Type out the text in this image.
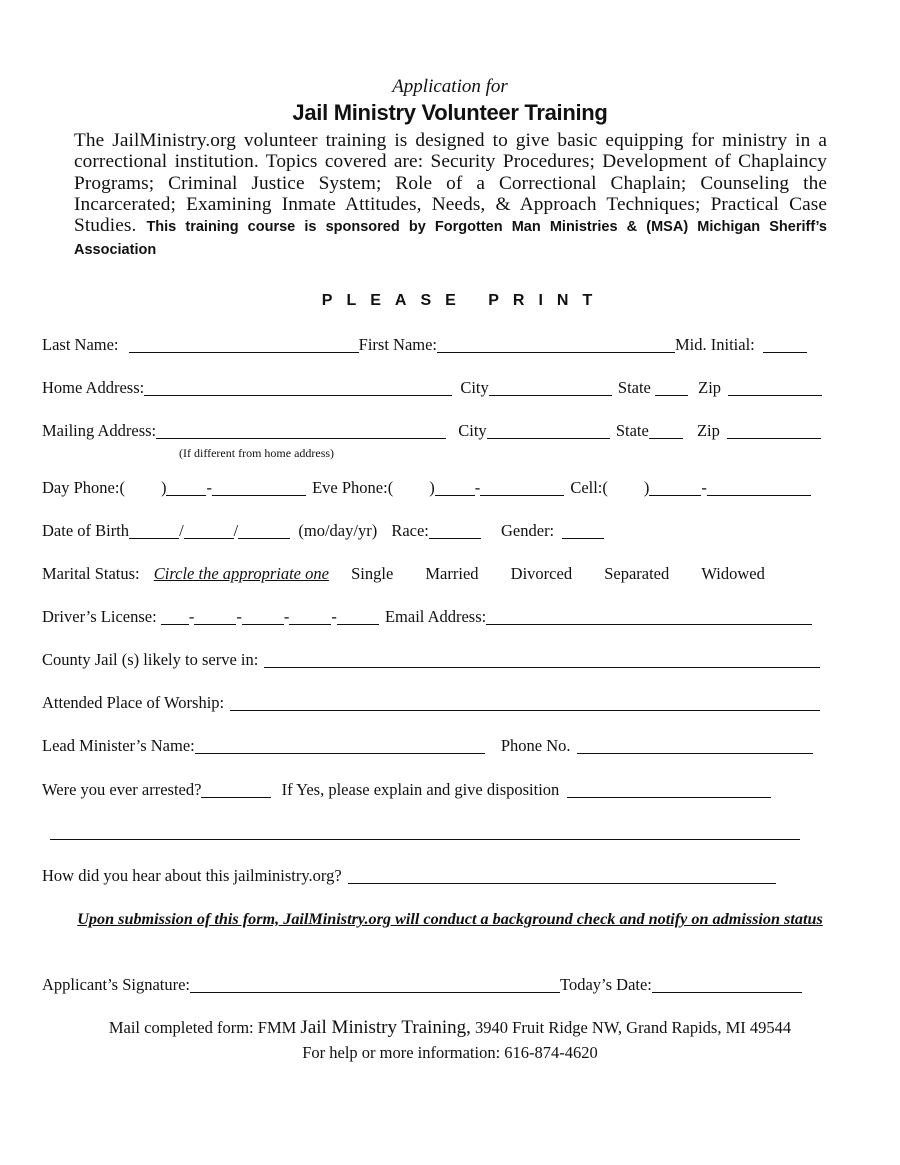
Application for
Jail Ministry Volunteer Training
The JailMinistry.org volunteer training is designed to give basic equipping for ministry in a correctional institution. Topics covered are: Security Procedures; Development of Chaplaincy Programs; Criminal Justice System; Role of a Correctional Chaplain; Counseling the Incarcerated; Examining Inmate Attitudes, Needs, & Approach Techniques; Practical Case Studies. This training course is sponsored by Forgotten Man Ministries & (MSA) Michigan Sheriff’s Association
PLEASE PRINT
Last Name:	First Name:	Mid. Initial:
Home Address:	City	State	Zip
Mailing Address:	City	State	Zip
(If different from home address)
Day Phone:( ) -	Eve Phone:( ) -	Cell:( )	-
Date of Birth	/	/	(mo/day/yr) Race:	Gender:
Marital Status: Circle the appropriate one Single Married Divorced Separated Widowed
Driver’s License: -	-	-	-	Email Address:
County Jail (s) likely to serve in:
Attended Place of Worship:
Lead Minister’s Name:	Phone No.
Were you ever arrested?	If Yes, please explain and give disposition
How did you hear about this jailministry.org?
Upon submission of this form, JailMinistry.org will conduct a background check and notify on admission status
Applicant’s Signature:	Today’s Date:
Mail completed form: FMM Jail Ministry Training, 3940 Fruit Ridge NW, Grand Rapids, MI 49544
For help or more information: 616-874-4620
